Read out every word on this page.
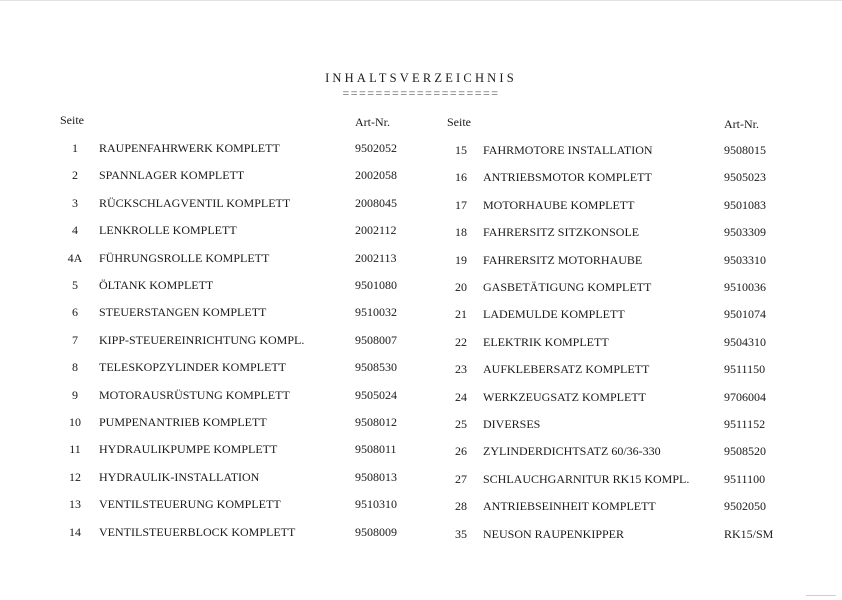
INHALTSVERZEICHNIS
===================
Seite	Art-Nr.	Seite	Art-Nr.
1	RAUPENFAHRWERK KOMPLETT	9502052
2	SPANNLAGER KOMPLETT	2002058
3	RÜCKSCHLAGVENTIL KOMPLETT	2008045
4	LENKROLLE KOMPLETT	2002112
4A	FÜHRUNGSROLLE KOMPLETT	2002113
5	ÖLTANK KOMPLETT	9501080
6	STEUERSTANGEN KOMPLETT	9510032
7	KIPP-STEUEREINRICHTUNG KOMPL.	9508007
8	TELESKOPZYLINDER KOMPLETT	9508530
9	MOTORAUSRÜSTUNG KOMPLETT	9505024
10	PUMPENANTRIEB KOMPLETT	9508012
11	HYDRAULIKPUMPE KOMPLETT	9508011
12	HYDRAULIK-INSTALLATION	9508013
13	VENTILSTEUERUNG KOMPLETT	9510310
14	VENTILSTEUERBLOCK KOMPLETT	9508009
15	FAHRMOTORE INSTALLATION	9508015
16	ANTRIEBSMOTOR KOMPLETT	9505023
17	MOTORHAUBE KOMPLETT	9501083
18	FAHRERSITZ SITZKONSOLE	9503309
19	FAHRERSITZ MOTORHAUBE	9503310
20	GASBETÄTIGUNG KOMPLETT	9510036
21	LADEMULDE KOMPLETT	9501074
22	ELEKTRIK KOMPLETT	9504310
23	AUFKLEBERSATZ KOMPLETT	9511150
24	WERKZEUGSATZ KOMPLETT	9706004
25	DIVERSES	9511152
26	ZYLINDERDICHTSATZ 60/36-330	9508520
27	SCHLAUCHGARNITUR RK15 KOMPL.	9511100
28	ANTRIEBSEINHEIT KOMPLETT	9502050
35	NEUSON RAUPENKIPPER	RK15/SM
